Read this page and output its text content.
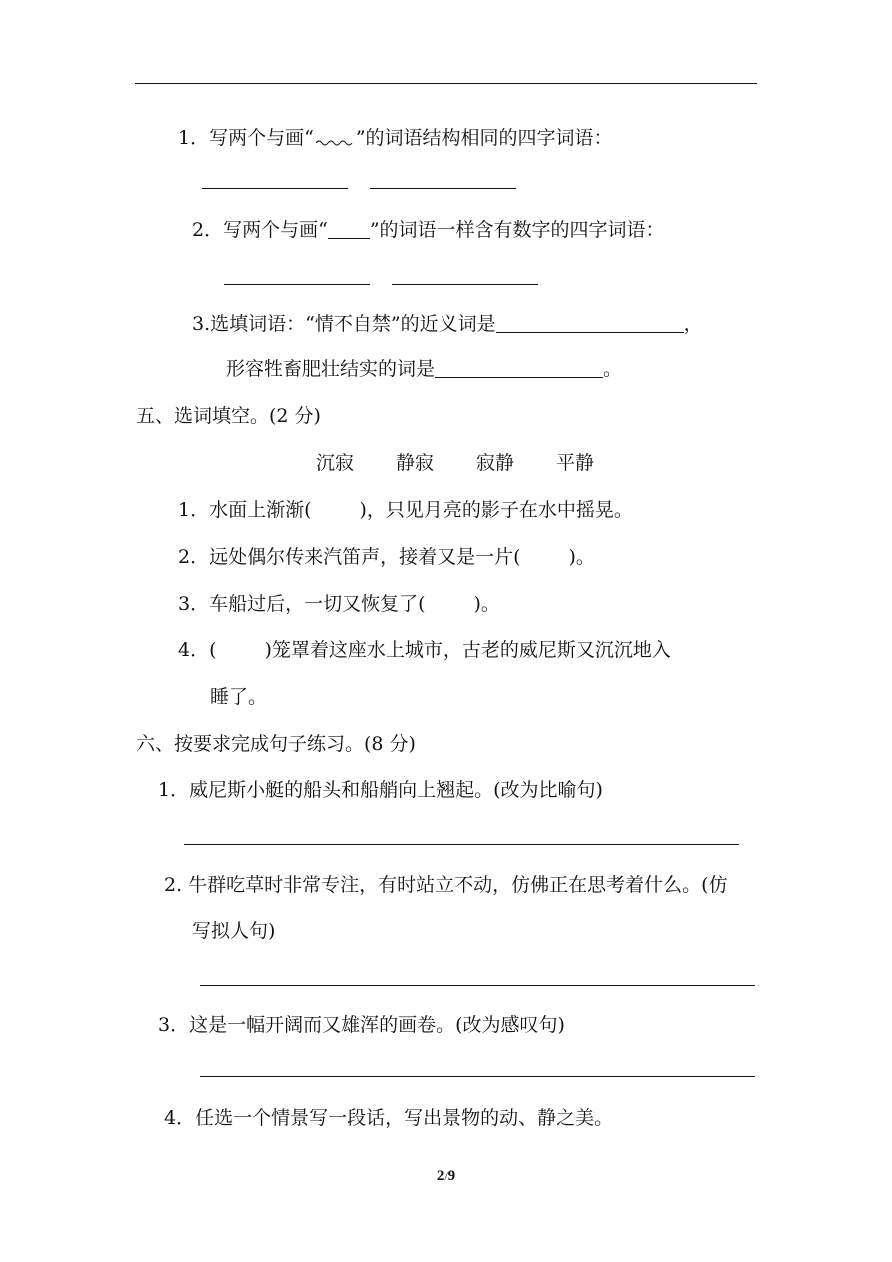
1．写两个与画“ ”的词语结构相同的四字词语：
2．写两个与画“ ”的词语一样含有数字的四字词语：
3.选填词语：“情不自禁”的近义词是	，
形容牲畜肥壮结实的词是	。
五、选词填空。(2 分)
沉寂 静寂 寂静 平静
1．水面上渐渐(	)，只见月亮的影子在水中摇晃。
2．远处偶尔传来汽笛声，接着又是一片(	)。
3．车船过后，一切又恢复了(	)。
4．(	)笼罩着这座水上城市，古老的威尼斯又沉沉地入
睡了。
六、按要求完成句子练习。(8 分)
1．威尼斯小艇的船头和船艄向上翘起。(改为比喻句)
2. 牛群吃草时非常专注，有时站立不动，仿佛正在思考着什么。(仿
写拟人句)
3．这是一幅开阔而又雄浑的画卷。(改为感叹句)
4．任选一个情景写一段话，写出景物的动、静之美。
2/9
